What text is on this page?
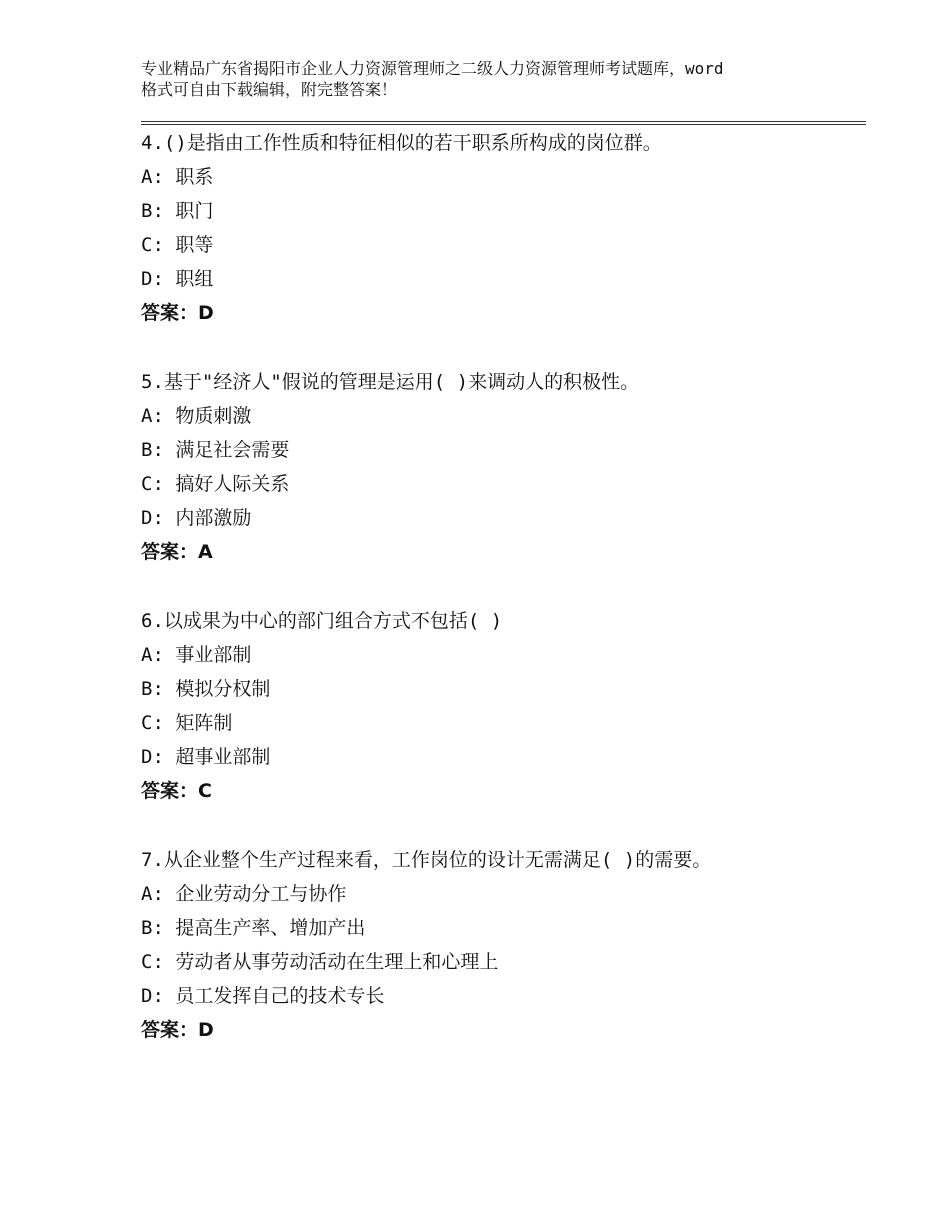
专业精品广东省揭阳市企业人力资源管理师之二级人力资源管理师考试题库，word
格式可自由下载编辑，附完整答案！
4.()是指由工作性质和特征相似的若干职系所构成的岗位群。
A: 职系
B: 职门
C: 职等
D: 职组
答案：D
5.基于"经济人"假说的管理是运用( )来调动人的积极性。
A: 物质刺激
B: 满足社会需要
C: 搞好人际关系
D: 内部激励
答案：A
6.以成果为中心的部门组合方式不包括( )
A: 事业部制
B: 模拟分权制
C: 矩阵制
D: 超事业部制
答案：C
7.从企业整个生产过程来看，工作岗位的设计无需满足( )的需要。
A: 企业劳动分工与协作
B: 提高生产率、增加产出
C: 劳动者从事劳动活动在生理上和心理上
D: 员工发挥自己的技术专长
答案：D
